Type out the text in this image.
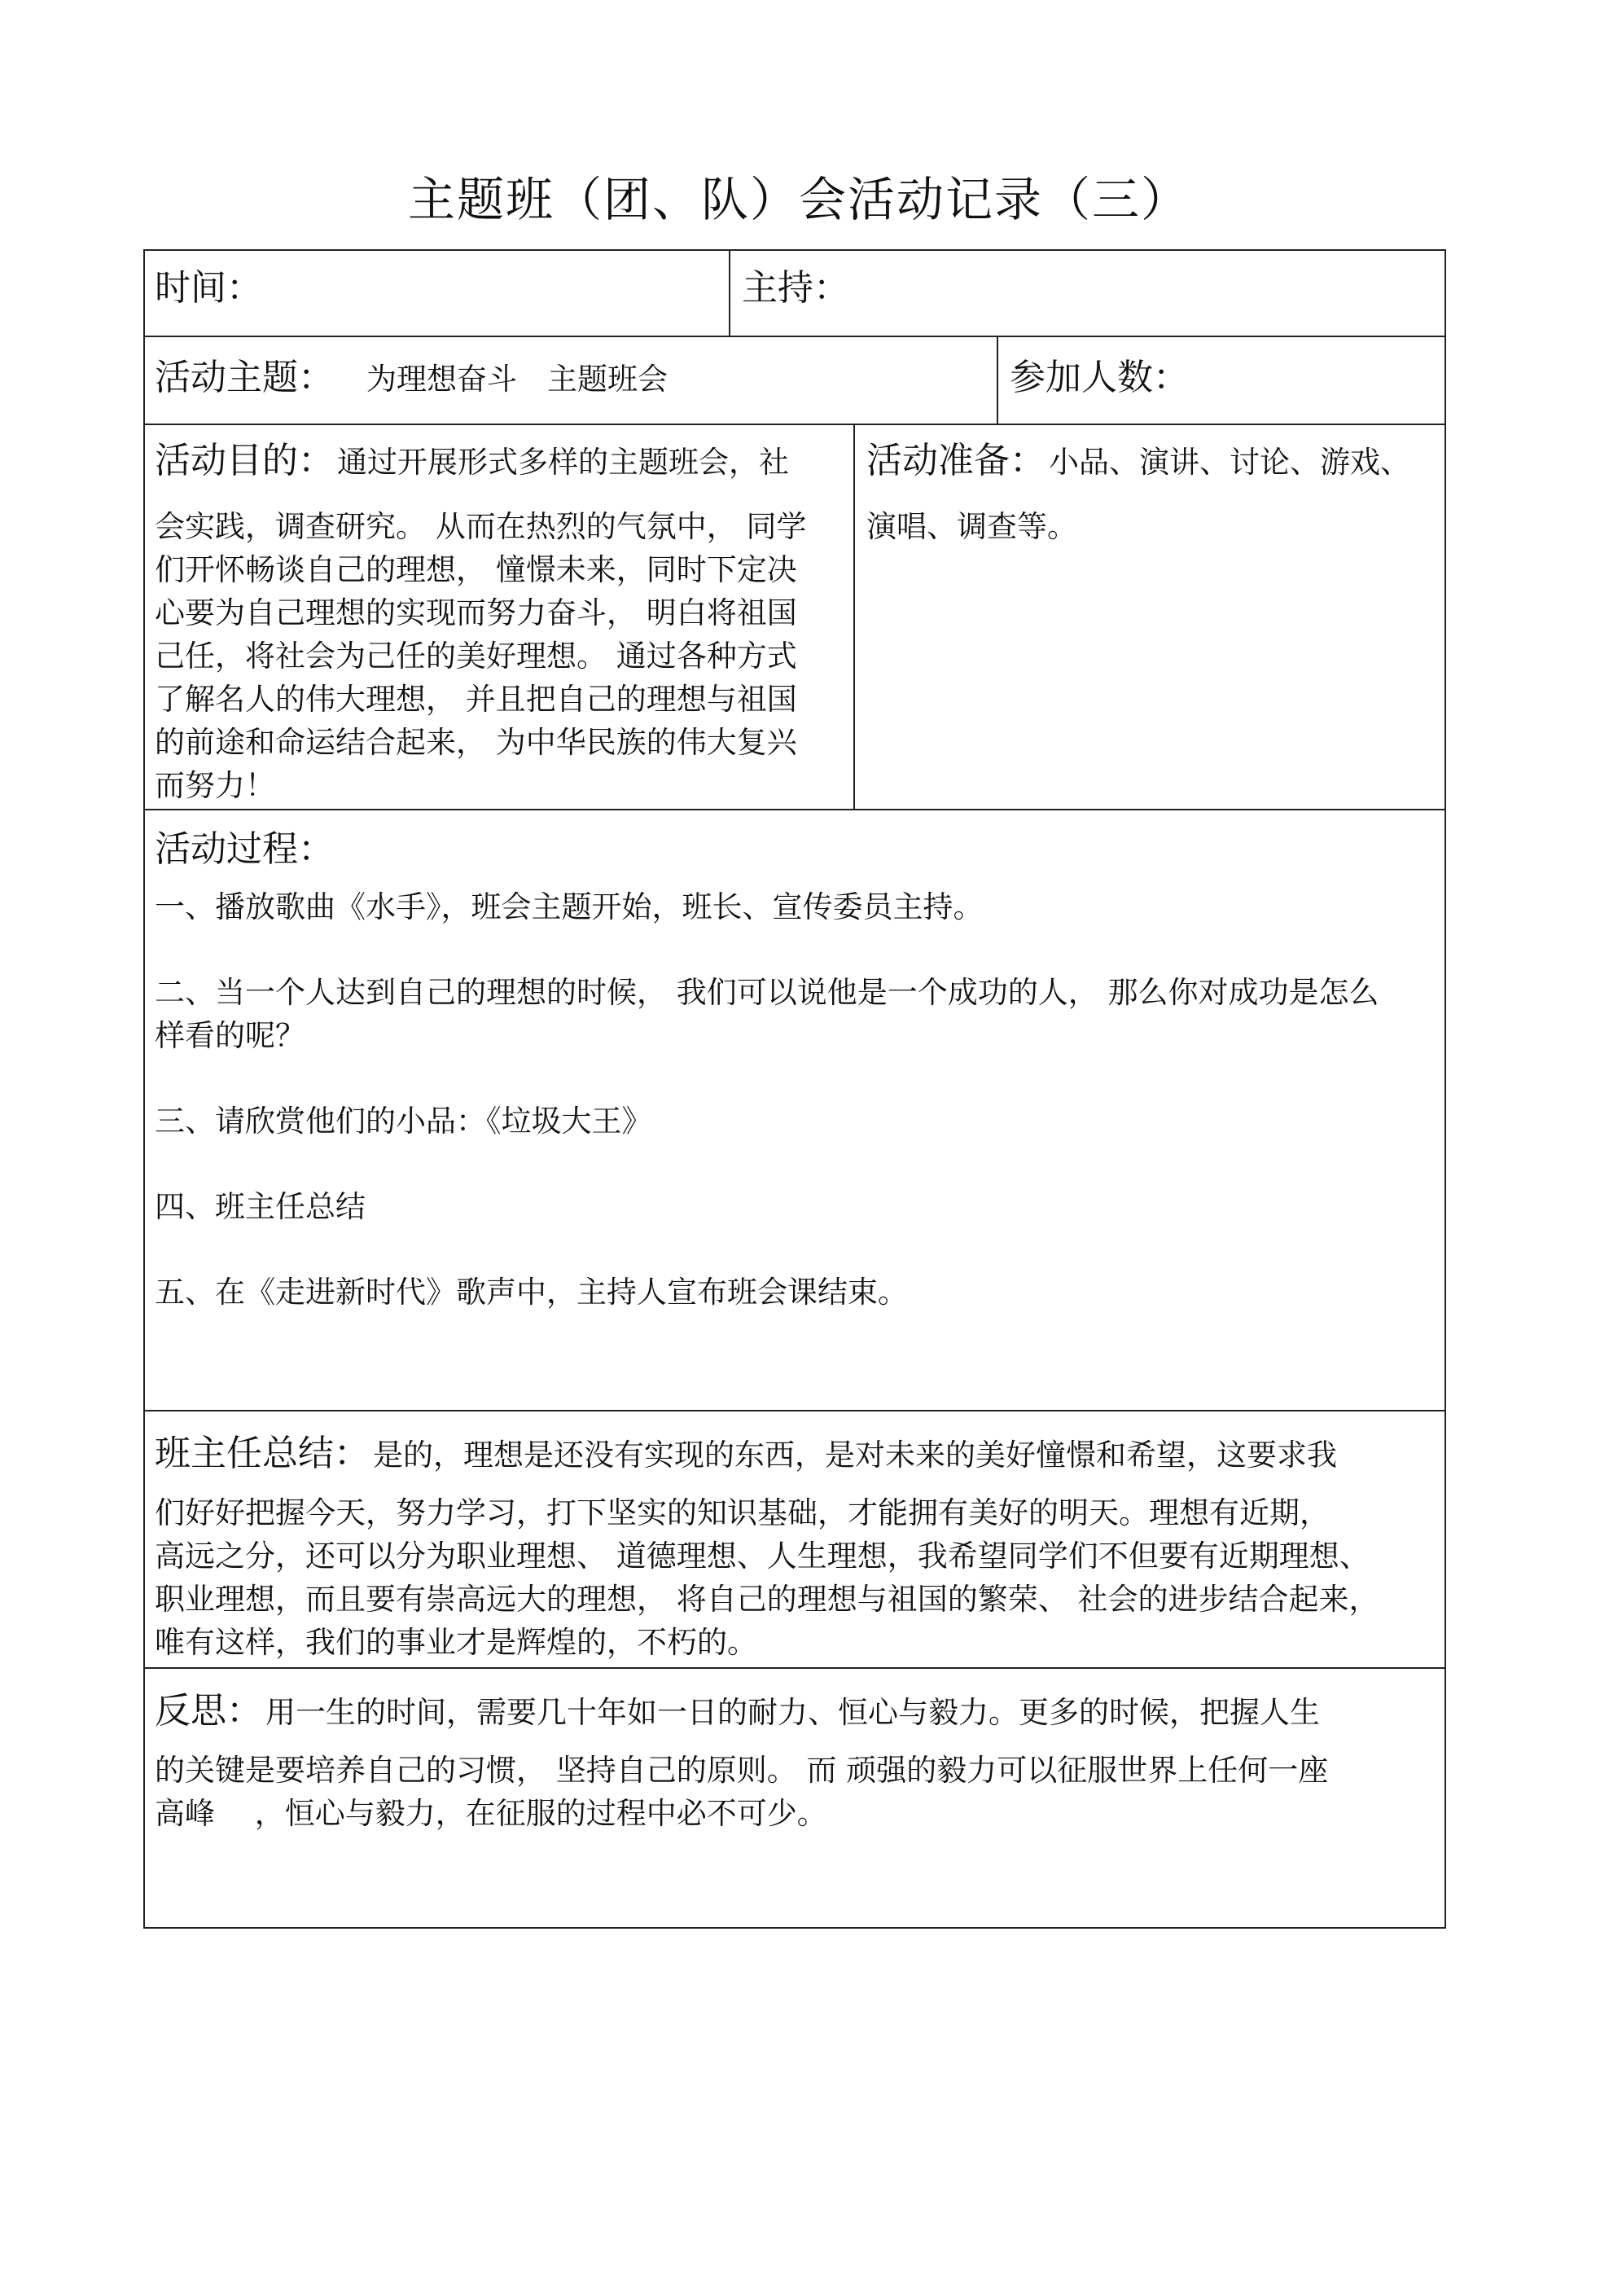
主题班（团、队）会活动记录（三）
时间：	主持：
活动主题： 为理想奋斗　主题班会	参加人数：
活动目的： 通过开展形式多样的主题班会，社
会实践，调查研究。 从而在热烈的气氛中， 同学
们开怀畅谈自己的理想， 憧憬未来，同时下定决
心要为自己理想的实现而努力奋斗， 明白将祖国
己任，将社会为己任的美好理想。 通过各种方式
了解名人的伟大理想， 并且把自己的理想与祖国
的前途和命运结合起来， 为中华民族的伟大复兴
而努力！
活动准备： 小品、演讲、讨论、游戏、
演唱、调查等。
活动过程：
一、播放歌曲《水手》，班会主题开始，班长、宣传委员主持。
二、当一个人达到自己的理想的时候， 我们可以说他是一个成功的人， 那么你对成功是怎么样看的呢？
三、请欣赏他们的小品：《垃圾大王》
四、班主任总结
五、在《走进新时代》歌声中，主持人宣布班会课结束。
班主任总结： 是的，理想是还没有实现的东西，是对未来的美好憧憬和希望，这要求我
们好好把握今天，努力学习，打下坚实的知识基础，才能拥有美好的明天。理想有近期，
高远之分，还可以分为职业理想、 道德理想、人生理想，我希望同学们不但要有近期理想、
职业理想，而且要有崇高远大的理想， 将自己的理想与祖国的繁荣、 社会的进步结合起来，
唯有这样，我们的事业才是辉煌的，不朽的。
反思： 用一生的时间，需要几十年如一日的耐力、恒心与毅力。更多的时候，把握人生
的关键是要培养自己的习惯， 坚持自己的原则。 而 顽强的毅力可以征服世界上任何一座
高峰　 ，恒心与毅力，在征服的过程中必不可少。
